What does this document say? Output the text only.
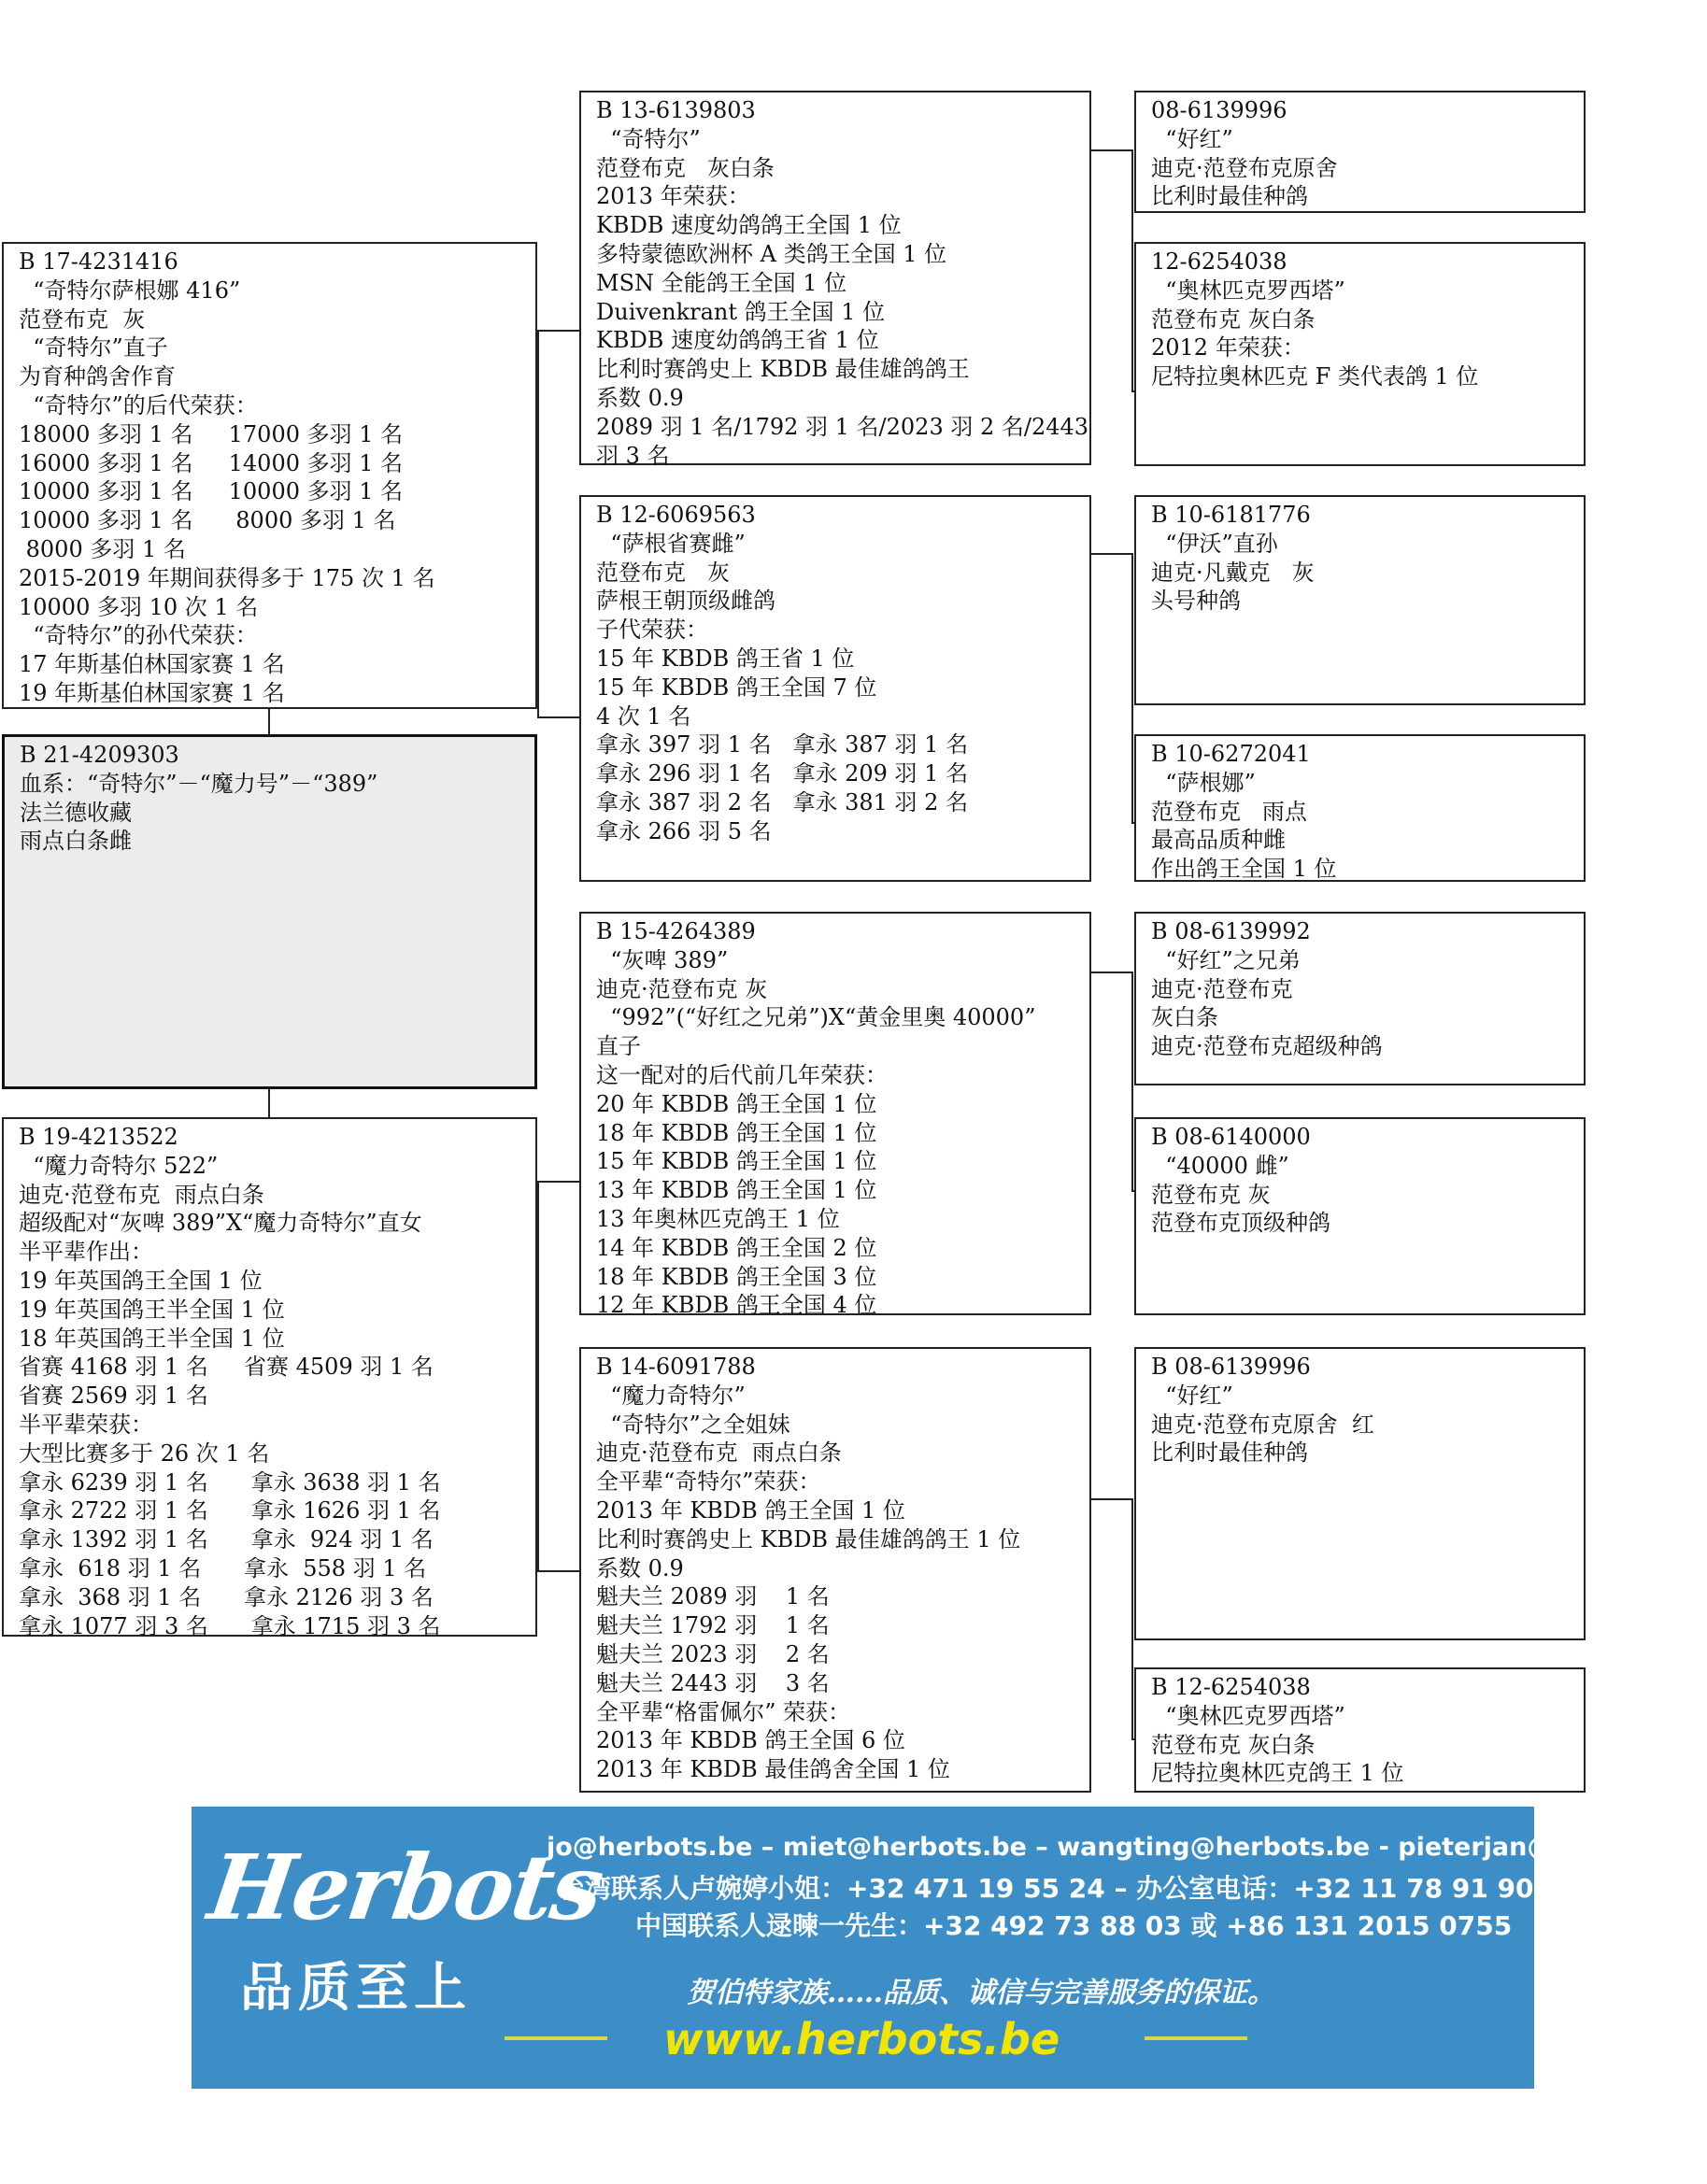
B 17-4231416
“奇特尔萨根娜 416”
范登布克  灰
“奇特尔”直子
为育种鸽舍作育
“奇特尔”的后代荣获：
18000 多羽 1 名     17000 多羽 1 名
16000 多羽 1 名     14000 多羽 1 名
10000 多羽 1 名     10000 多羽 1 名
10000 多羽 1 名      8000 多羽 1 名
8000 多羽 1 名
2015-2019 年期间获得多于 175 次 1 名
10000 多羽 10 次 1 名
“奇特尔”的孙代荣获：
17 年斯基伯林国家赛 1 名
19 年斯基伯林国家赛 1 名
B 21-4209303
血系：“奇特尔”－“魔力号”－“389”
法兰德收藏
雨点白条雌
B 19-4213522
“魔力奇特尔 522”
迪克·范登布克  雨点白条
超级配对“灰啤 389”X“魔力奇特尔”直女
半平辈作出：
19 年英国鸽王全国 1 位
19 年英国鸽王半全国 1 位
18 年英国鸽王半全国 1 位
省赛 4168 羽 1 名     省赛 4509 羽 1 名
省赛 2569 羽 1 名
半平辈荣获：
大型比赛多于 26 次 1 名
拿永 6239 羽 1 名      拿永 3638 羽 1 名
拿永 2722 羽 1 名      拿永 1626 羽 1 名
拿永 1392 羽 1 名      拿永  924 羽 1 名
拿永  618 羽 1 名      拿永  558 羽 1 名
拿永  368 羽 1 名      拿永 2126 羽 3 名
拿永 1077 羽 3 名      拿永 1715 羽 3 名
B 13-6139803
“奇特尔”
范登布克   灰白条
2013 年荣获：
KBDB 速度幼鸽鸽王全国 1 位
多特蒙德欧洲杯 A 类鸽王全国 1 位
MSN 全能鸽王全国 1 位
Duivenkrant 鸽王全国 1 位
KBDB 速度幼鸽鸽王省 1 位
比利时赛鸽史上 KBDB 最佳雄鸽鸽王
系数 0.9
2089 羽 1 名/1792 羽 1 名/2023 羽 2 名/2443
羽 3 名
B 12-6069563
“萨根省赛雌”
范登布克   灰
萨根王朝顶级雌鸽
子代荣获：
15 年 KBDB 鸽王省 1 位
15 年 KBDB 鸽王全国 7 位
4 次 1 名
拿永 397 羽 1 名   拿永 387 羽 1 名
拿永 296 羽 1 名   拿永 209 羽 1 名
拿永 387 羽 2 名   拿永 381 羽 2 名
拿永 266 羽 5 名
B 15-4264389
“灰啤 389”
迪克·范登布克 灰
“992”(“好红之兄弟”)X“黄金里奥 40000”
直子
这一配对的后代前几年荣获：
20 年 KBDB 鸽王全国 1 位
18 年 KBDB 鸽王全国 1 位
15 年 KBDB 鸽王全国 1 位
13 年 KBDB 鸽王全国 1 位
13 年奥林匹克鸽王 1 位
14 年 KBDB 鸽王全国 2 位
18 年 KBDB 鸽王全国 3 位
12 年 KBDB 鸽王全国 4 位
B 14-6091788
“魔力奇特尔”
“奇特尔”之全姐妹
迪克·范登布克  雨点白条
全平辈“奇特尔”荣获：
2013 年 KBDB 鸽王全国 1 位
比利时赛鸽史上 KBDB 最佳雄鸽鸽王 1 位
系数 0.9
魁夫兰 2089 羽    1 名
魁夫兰 1792 羽    1 名
魁夫兰 2023 羽    2 名
魁夫兰 2443 羽    3 名
全平辈“格雷佩尔” 荣获：
2013 年 KBDB 鸽王全国 6 位
2013 年 KBDB 最佳鸽舍全国 1 位
08-6139996
“好红”
迪克·范登布克原舍
比利时最佳种鸽
12-6254038
“奥林匹克罗西塔”
范登布克 灰白条
2012 年荣获：
尼特拉奥林匹克 F 类代表鸽 1 位
B 10-6181776
“伊沃”直孙
迪克·凡戴克   灰
头号种鸽
B 10-6272041
“萨根娜”
范登布克   雨点
最高品质种雌
作出鸽王全国 1 位
B 08-6139992
“好红”之兄弟
迪克·范登布克
灰白条
迪克·范登布克超级种鸽
B 08-6140000
“40000 雌”
范登布克 灰
范登布克顶级种鸽
B 08-6139996
“好红”
迪克·范登布克原舍  红
比利时最佳种鸽
B 12-6254038
“奥林匹克罗西塔”
范登布克 灰白条
尼特拉奥林匹克鸽王 1 位
Herbots
品质至上
jo@herbots.be – miet@herbots.be – wangting@herbots.be - pieterjan@herbots.be
台湾联系人卢婉婷小姐：+32 471 19 55 24 – 办公室电话：+32 11 78 91 90
中国联系人逯暕一先生：+32 492 73 88 03 或 +86 131 2015 0755
贺伯特家族……品质、诚信与完善服务的保证。
www.herbots.be
